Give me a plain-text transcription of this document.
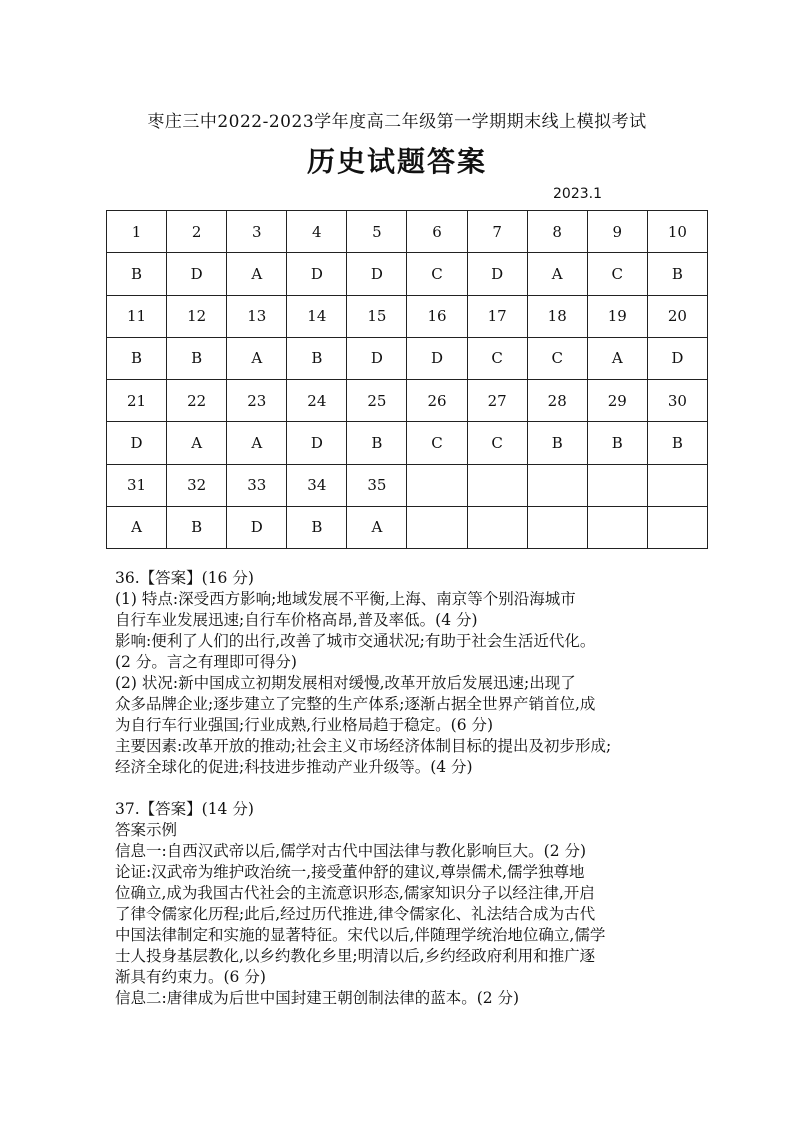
枣庄三中2022-2023学年度高二年级第一学期期末线上模拟考试
历史试题答案
2023.1
1	2	3	4	5	6	7	8	9	10
B	D	A	D	D	C	D	A	C	B
11	12	13	14	15	16	17	18	19	20
B	B	A	B	D	D	C	C	A	D
21	22	23	24	25	26	27	28	29	30
D	A	A	D	B	C	C	B	B	B
31	32	33	34	35					
A	B	D	B	A					

36.【答案】(16 分)

(1) 特点:深受西方影响;地域发展不平衡,上海、南京等个别沿海城市

自行车业发展迅速;自行车价格高昂,普及率低。(4 分)

影响:便利了人们的出行,改善了城市交通状况;有助于社会生活近代化。

(2 分。言之有理即可得分)

(2) 状况:新中国成立初期发展相对缓慢,改革开放后发展迅速;出现了

众多品牌企业;逐步建立了完整的生产体系;逐渐占据全世界产销首位,成

为自行车行业强国;行业成熟,行业格局趋于稳定。(6 分)

主要因素:改革开放的推动;社会主义市场经济体制目标的提出及初步形成;

经济全球化的促进;科技进步推动产业升级等。(4 分)

37.【答案】(14 分)

答案示例

信息一:自西汉武帝以后,儒学对古代中国法律与教化影响巨大。(2 分)

论证:汉武帝为维护政治统一,接受董仲舒的建议,尊崇儒术,儒学独尊地

位确立,成为我国古代社会的主流意识形态,儒家知识分子以经注律,开启

了律令儒家化历程;此后,经过历代推进,律令儒家化、礼法结合成为古代

中国法律制定和实施的显著特征。宋代以后,伴随理学统治地位确立,儒学

士人投身基层教化,以乡约教化乡里;明清以后,乡约经政府利用和推广逐

渐具有约束力。(6 分)

信息二:唐律成为后世中国封建王朝创制法律的蓝本。(2 分)
